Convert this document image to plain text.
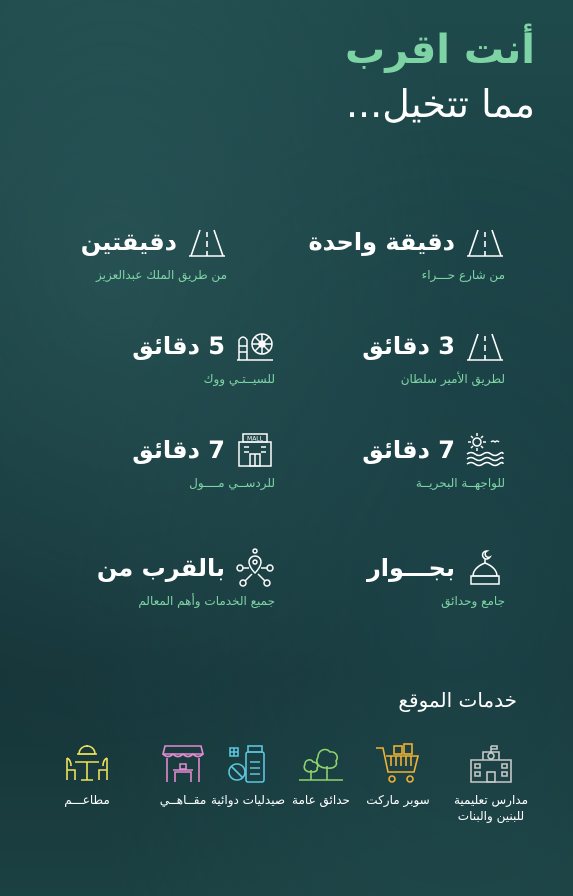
أنت اقرب
مما تتخيل...
دقيقة واحدة
من شارع حـــراء
دقيقتين
من طريق الملك عبدالعزيز
3 دقائق
لطريق الأمير سلطان
5 دقائق
للسيــتـي ووك
7 دقائق
للواجهــة البحريــة
MALL
7 دقائق
للردســي مــــول
بجـــوار
جامع وحدائق
بالقرب من
جميع الخدمات وأهم المعالم
خدمات الموقع
مدارس تعليمية للبنين والبنات
سوبر ماركت
حدائق عامة
صيدليات دوائية
مقــاهــي
مطاعـــم
